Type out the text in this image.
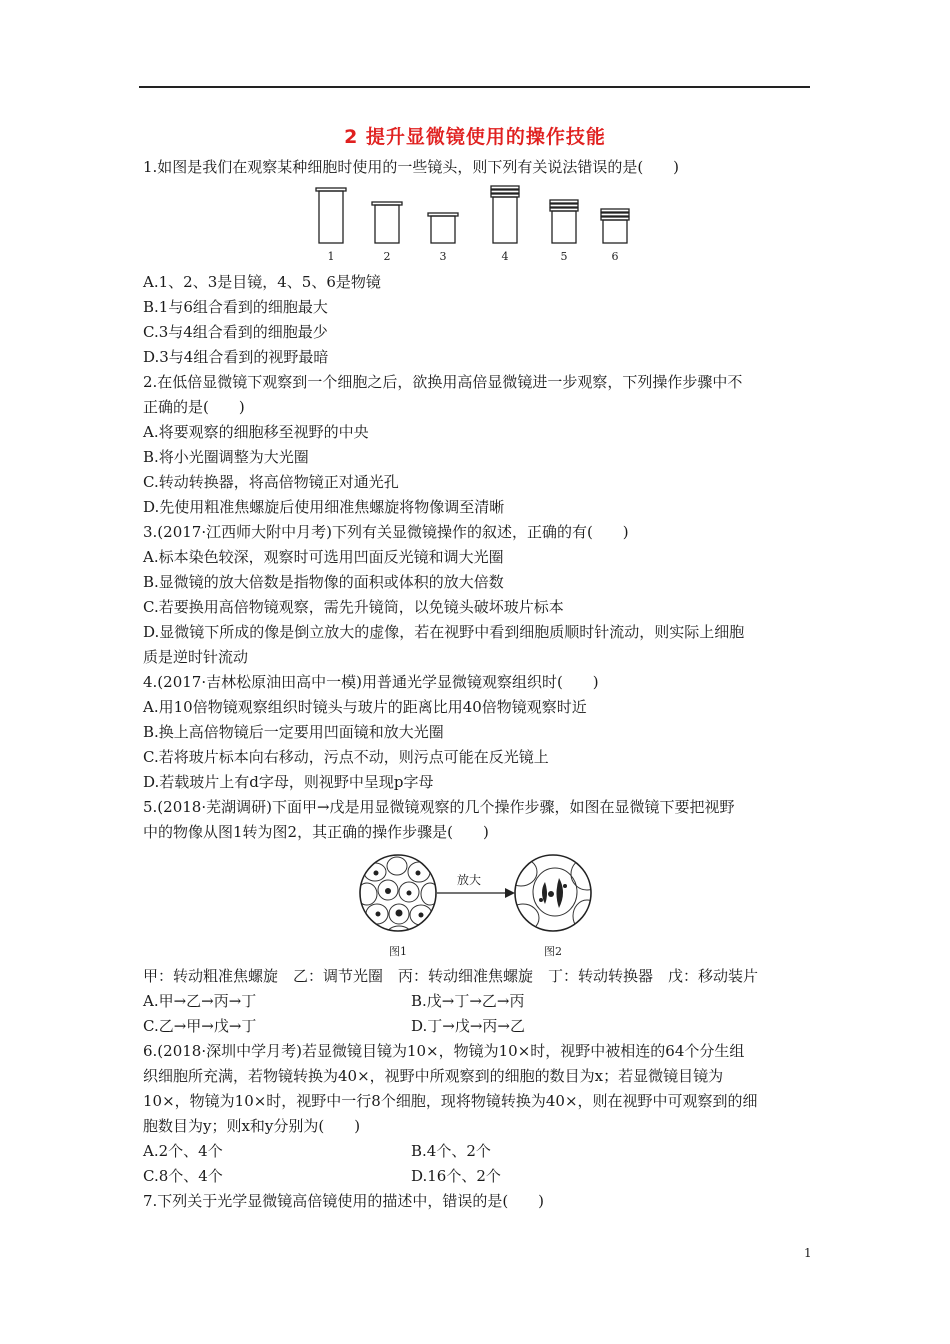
2 提升显微镜使用的操作技能
1.如图是我们在观察某种细胞时使用的一些镜头，则下列有关说法错误的是(　　)
1	2	3	4	5	6
A.1、2、3是目镜，4、5、6是物镜
B.1与6组合看到的细胞最大
C.3与4组合看到的细胞最少
D.3与4组合看到的视野最暗
2.在低倍显微镜下观察到一个细胞之后，欲换用高倍显微镜进一步观察，下列操作步骤中不
正确的是(　　)
A.将要观察的细胞移至视野的中央
B.将小光圈调整为大光圈
C.转动转换器，将高倍物镜正对通光孔
D.先使用粗准焦螺旋后使用细准焦螺旋将物像调至清晰
3.(2017·江西师大附中月考)下列有关显微镜操作的叙述，正确的有(　　)
A.标本染色较深，观察时可选用凹面反光镜和调大光圈
B.显微镜的放大倍数是指物像的面积或体积的放大倍数
C.若要换用高倍物镜观察，需先升镜筒，以免镜头破坏玻片标本
D.显微镜下所成的像是倒立放大的虚像，若在视野中看到细胞质顺时针流动，则实际上细胞
质是逆时针流动
4.(2017·吉林松原油田高中一模)用普通光学显微镜观察组织时(　　)
A.用10倍物镜观察组织时镜头与玻片的距离比用40倍物镜观察时近
B.换上高倍物镜后一定要用凹面镜和放大光圈
C.若将玻片标本向右移动，污点不动，则污点可能在反光镜上
D.若载玻片上有d字母，则视野中呈现p字母
5.(2018·芜湖调研)下面甲→戊是用显微镜观察的几个操作步骤，如图在显微镜下要把视野
中的物像从图1转为图2，其正确的操作步骤是(　　)
放大
图1	图2
甲：转动粗准焦螺旋　乙：调节光圈　丙：转动细准焦螺旋　丁：转动转换器　戊：移动装片
A.甲→乙→丙→丁	B.戊→丁→乙→丙
C.乙→甲→戊→丁	D.丁→戊→丙→乙
6.(2018·深圳中学月考)若显微镜目镜为10×，物镜为10×时，视野中被相连的64个分生组
织细胞所充满，若物镜转换为40×，视野中所观察到的细胞的数目为x；若显微镜目镜为
10×，物镜为10×时，视野中一行8个细胞，现将物镜转换为40×，则在视野中可观察到的细
胞数目为y；则x和y分别为(　　)
A.2个、4个	B.4个、2个
C.8个、4个	D.16个、2个
7.下列关于光学显微镜高倍镜使用的描述中，错误的是(　　)
1
